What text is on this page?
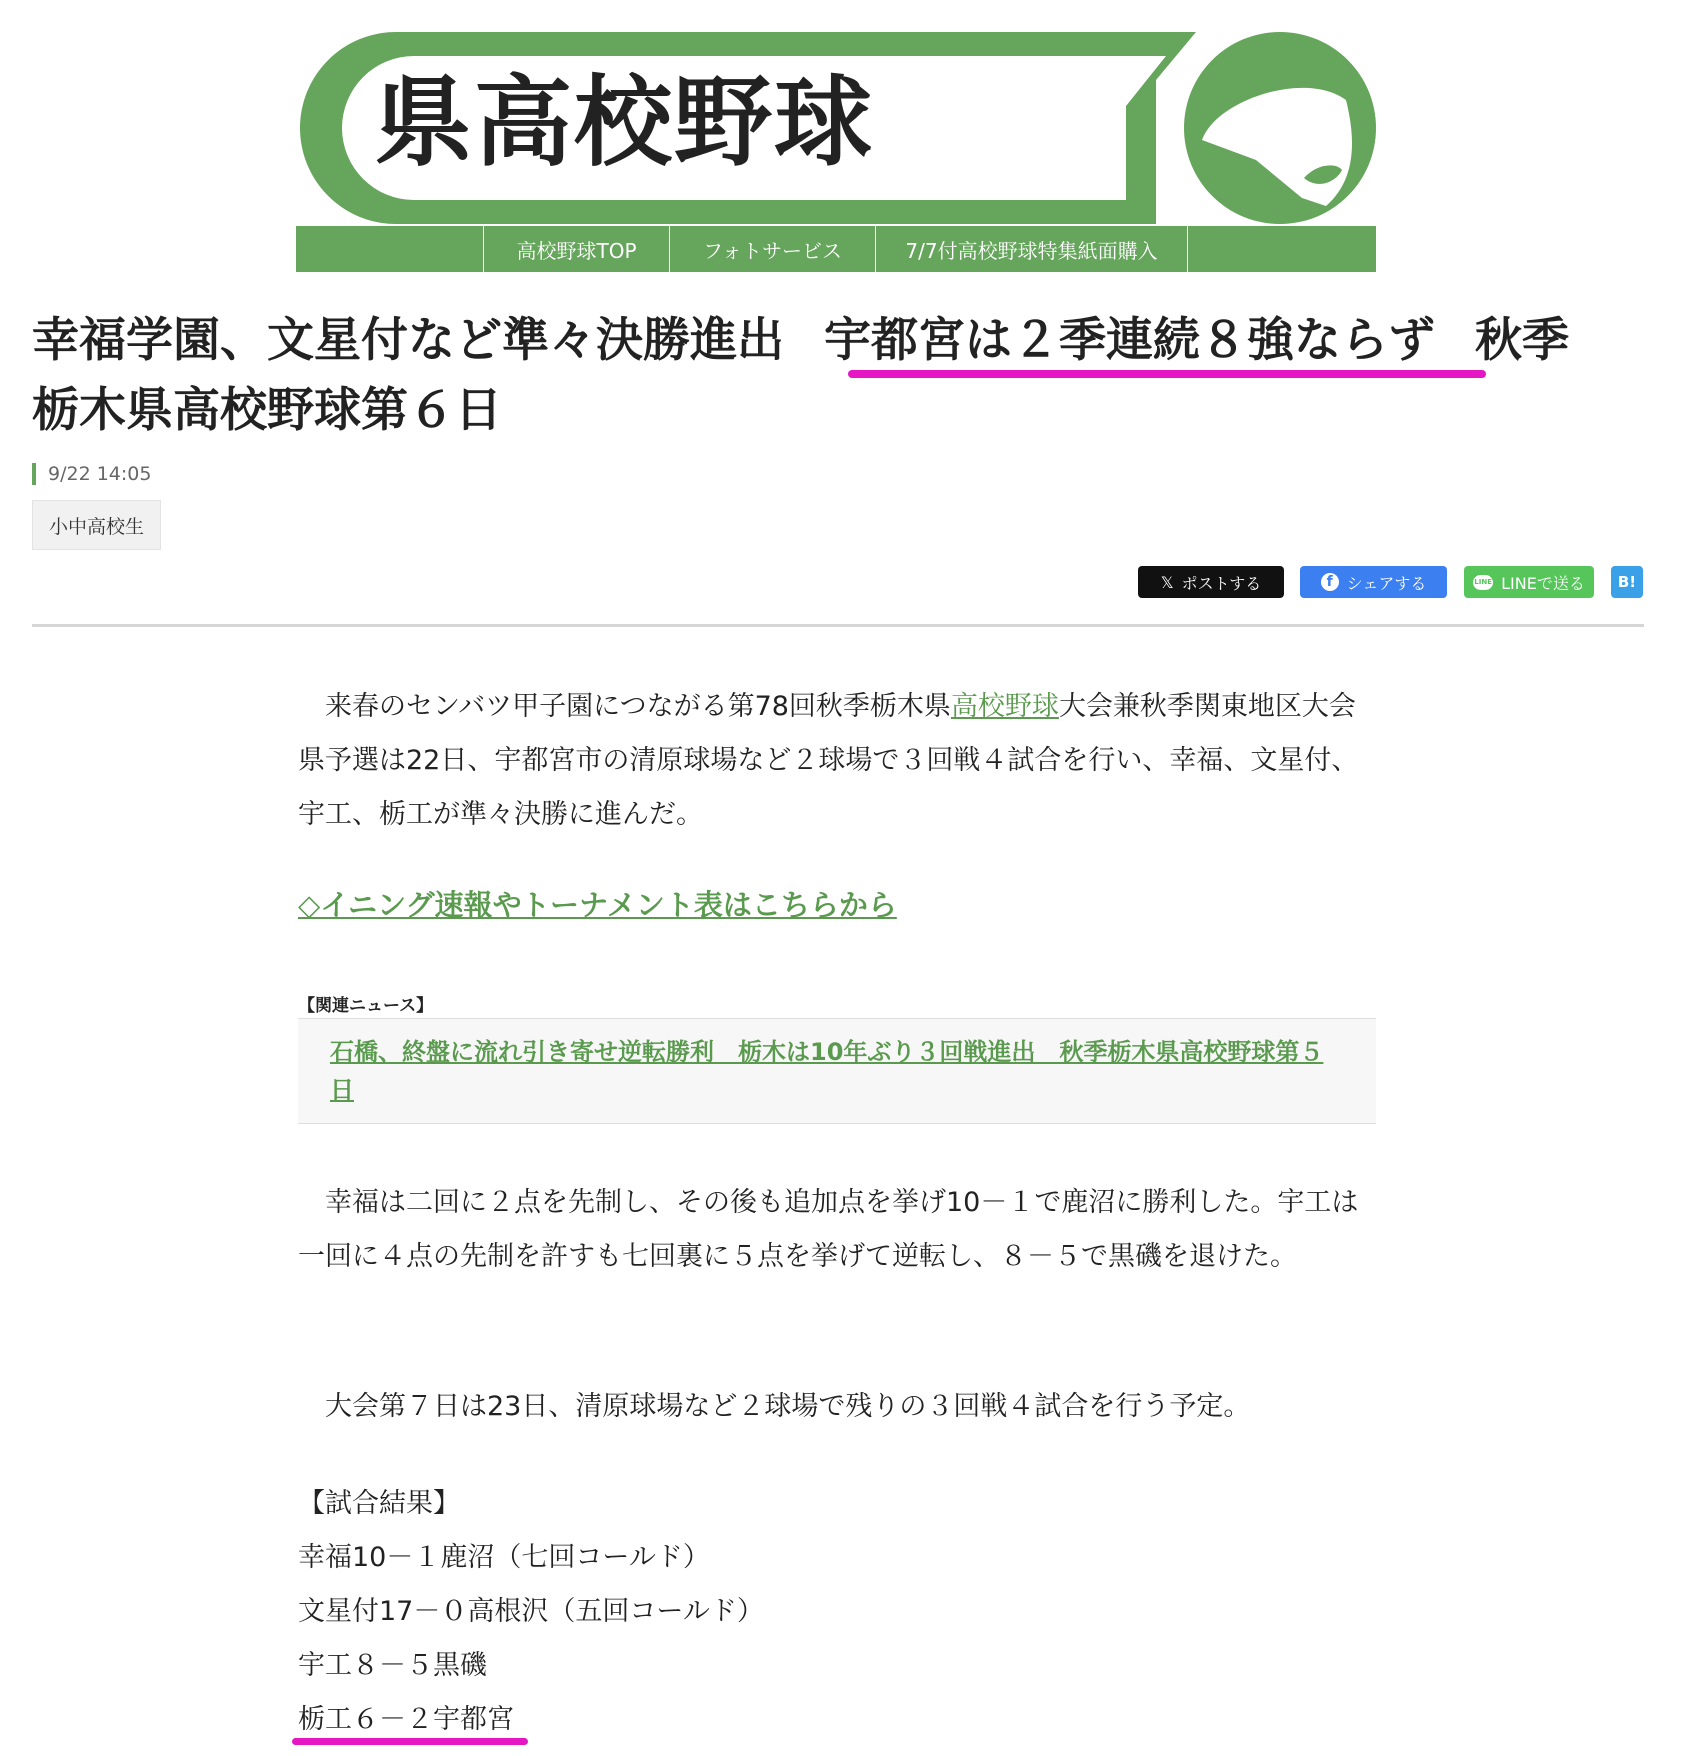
県高校野球
高校野球TOP	フォトサービス	7/7付高校野球特集紙面購入
幸福学園、文星付など準々決勝進出 宇都宮は２季連続８強ならず 秋季
栃木県高校野球第６日
9/22 14:05
小中高校生
𝕏 ポストする	f シェアする	LINE LINEで送る	B!

　来春のセンバツ甲子園につながる第78回秋季栃木県高校野球大会兼秋季関東地区大会県予選は22日、宇都宮市の清原球場など２球場で３回戦４試合を行い、幸福、文星付、宇工、栃工が準々決勝に進んだ。

◇イニング速報やトーナメント表はこちらから
【関連ニュース】
石橋、終盤に流れ引き寄せ逆転勝利　栃木は10年ぶり３回戦進出　秋季栃木県高校野球第５日

　幸福は二回に２点を先制し、その後も追加点を挙げ10－１で鹿沼に勝利した。宇工は一回に４点の先制を許すも七回裏に５点を挙げて逆転し、８－５で黒磯を退けた。

　大会第７日は23日、清原球場など２球場で残りの３回戦４試合を行う予定。

【試合結果】
幸福10－１鹿沼（七回コールド）
文星付17－０高根沢（五回コールド）
宇工８－５黒磯
栃工６－２宇都宮
